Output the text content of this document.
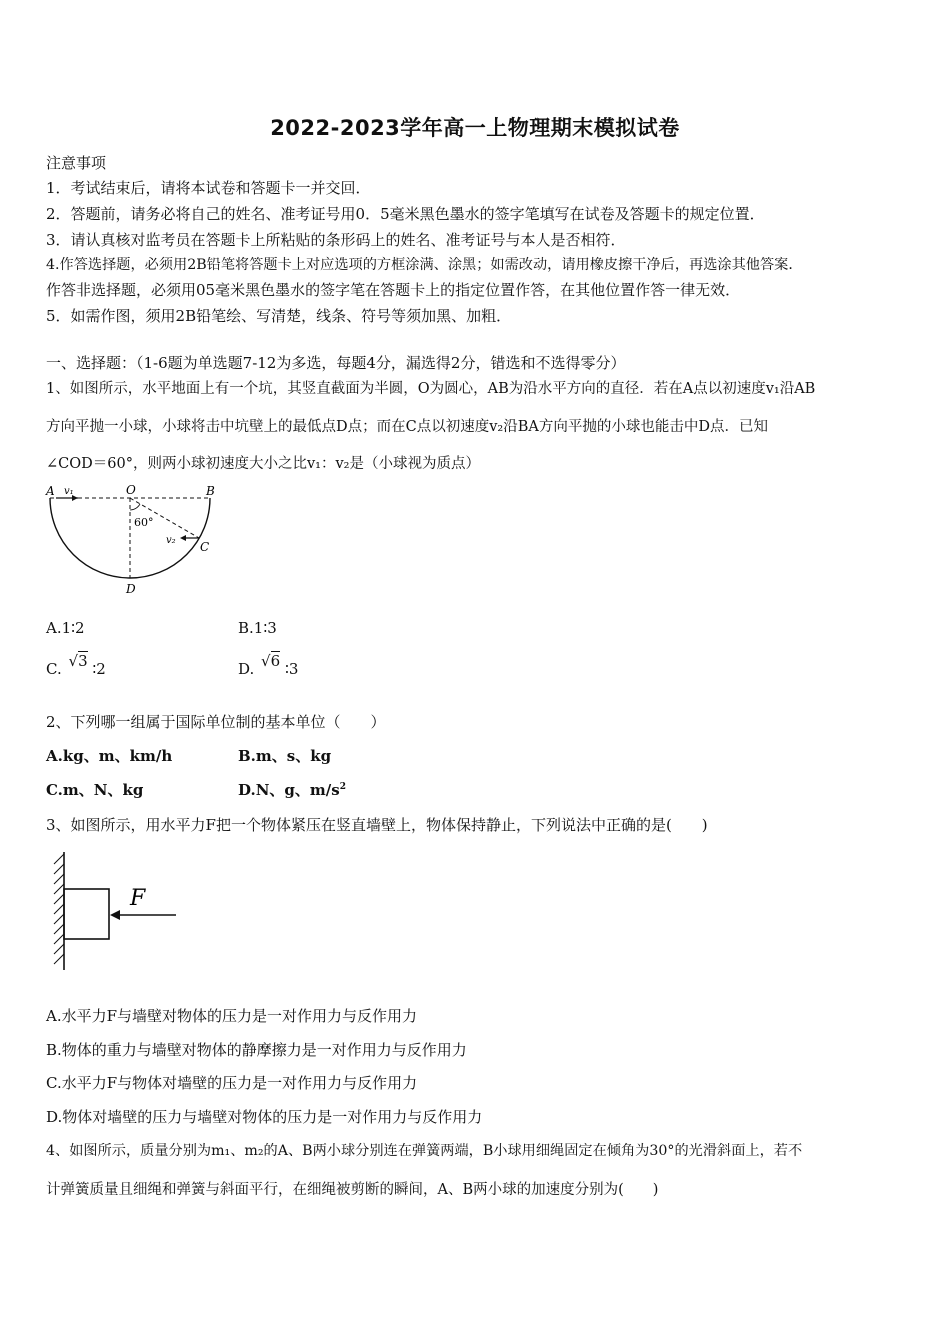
2022-2023学年高一上物理期末模拟试卷
注意事项
1．考试结束后，请将本试卷和答题卡一并交回．
2．答题前，请务必将自己的姓名、准考证号用0．5毫米黑色墨水的签字笔填写在试卷及答题卡的规定位置．
3．请认真核对监考员在答题卡上所粘贴的条形码上的姓名、准考证号与本人是否相符．
4.作答选择题，必须用2B铅笔将答题卡上对应选项的方框涂满、涂黑；如需改动，请用橡皮擦干净后，再选涂其他答案．
作答非选择题，必须用05毫米黑色墨水的签字笔在答题卡上的指定位置作答，在其他位置作答一律无效．
5．如需作图，须用2B铅笔绘、写清楚，线条、符号等须加黑、加粗．
一、选择题：（1-6题为单选题7-12为多选，每题4分，漏选得2分，错选和不选得零分）
1、如图所示，水平地面上有一个坑，其竖直截面为半圆，O为圆心，AB为沿水平方向的直径．若在A点以初速度v₁沿AB
方向平抛一小球，小球将击中坑壁上的最低点D点；而在C点以初速度v₂沿BA方向平抛的小球也能击中D点．已知
∠COD＝60°，则两小球初速度大小之比v₁：v₂是（小球视为质点）
A v₁	O	B
60°
v₂ C
D
A.1∶2	B.1∶3
C. √3 ∶2	D. √6 ∶3
2、下列哪一组属于国际单位制的基本单位（　　）
A.kg、m、km/h	B.m、s、kg
C.m、N、kg	D.N、g、$m/s^2$
3、如图所示，用水平力F把一个物体紧压在竖直墙壁上，物体保持静止，下列说法中正确的是(　　)
F
A.水平力F与墙壁对物体的压力是一对作用力与反作用力
B.物体的重力与墙壁对物体的静摩擦力是一对作用力与反作用力
C.水平力F与物体对墙壁的压力是一对作用力与反作用力
D.物体对墙壁的压力与墙壁对物体的压力是一对作用力与反作用力
4、如图所示，质量分别为m₁、m₂的A、B两小球分别连在弹簧两端，B小球用细绳固定在倾角为30°的光滑斜面上，若不
计弹簧质量且细绳和弹簧与斜面平行，在细绳被剪断的瞬间，A、B两小球的加速度分别为(　　)
